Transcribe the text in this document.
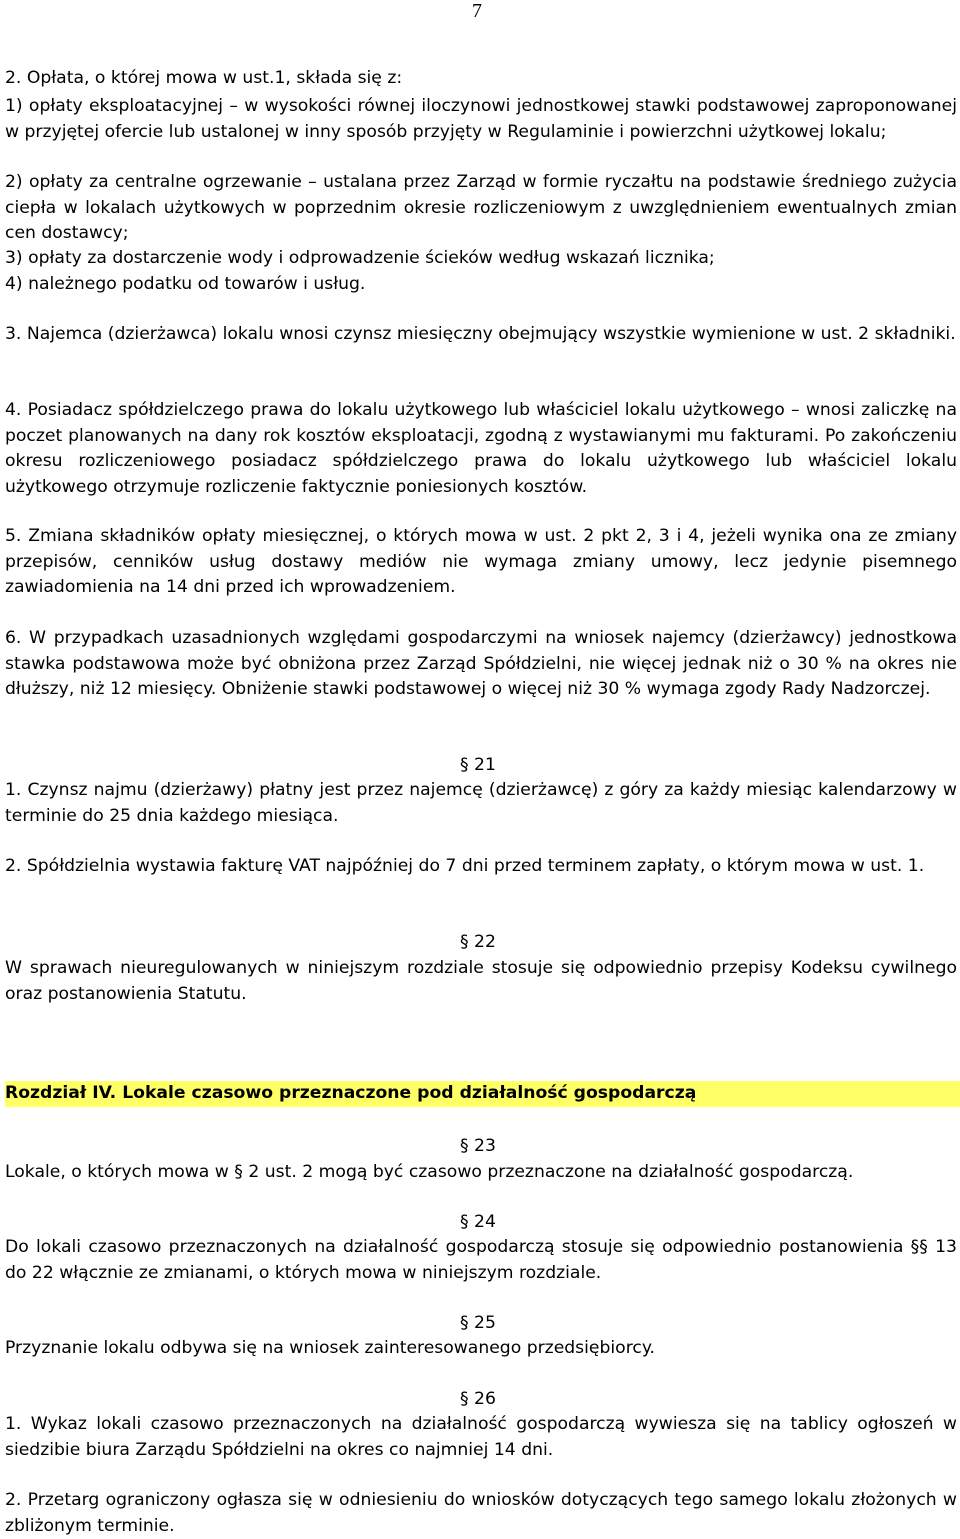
7

2. Opłata, o której mowa w ust.1, składa się z:

1) opłaty eksploatacyjnej – w wysokości równej iloczynowi jednostkowej stawki podstawowej zaproponowanej w przyjętej ofercie lub ustalonej w inny sposób przyjęty w Regulaminie i powierzchni użytkowej lokalu;

2) opłaty za centralne ogrzewanie – ustalana przez Zarząd w formie ryczałtu na podstawie średniego zużycia ciepła w lokalach użytkowych w poprzednim okresie rozliczeniowym z uwzględnieniem ewentualnych zmian cen dostawcy;

3) opłaty za dostarczenie wody i odprowadzenie ścieków według wskazań licznika;

4) należnego podatku od towarów i usług.

3. Najemca (dzierżawca) lokalu wnosi czynsz miesięczny obejmujący wszystkie wymienione w ust. 2 składniki.

4. Posiadacz spółdzielczego prawa do lokalu użytkowego lub właściciel lokalu użytkowego – wnosi zaliczkę na poczet planowanych na dany rok kosztów eksploatacji, zgodną z wystawianymi mu fakturami. Po zakończeniu okresu rozliczeniowego posiadacz spółdzielczego prawa do lokalu użytkowego lub właściciel lokalu użytkowego otrzymuje rozliczenie faktycznie poniesionych kosztów.

5. Zmiana składników opłaty miesięcznej, o których mowa w ust. 2 pkt 2, 3 i 4, jeżeli wynika ona ze zmiany przepisów, cenników usług dostawy mediów nie wymaga zmiany umowy, lecz jedynie pisemnego zawiadomienia na 14 dni przed ich wprowadzeniem.

6. W przypadkach uzasadnionych względami gospodarczymi na wniosek najemcy (dzierżawcy) jednostkowa stawka podstawowa może być obniżona przez Zarząd Spółdzielni, nie więcej jednak niż o 30 % na okres nie dłuższy, niż 12 miesięcy. Obniżenie stawki podstawowej o więcej niż 30 % wymaga zgody Rady Nadzorczej.

§ 21

1. Czynsz najmu (dzierżawy) płatny jest przez najemcę (dzierżawcę) z góry za każdy miesiąc kalendarzowy w terminie do 25 dnia każdego miesiąca.

2. Spółdzielnia wystawia fakturę VAT najpóźniej do 7 dni przed terminem zapłaty, o którym mowa w ust. 1.

§ 22

W sprawach nieuregulowanych w niniejszym rozdziale stosuje się odpowiednio przepisy Kodeksu cywilnego oraz postanowienia Statutu.

Rozdział IV. Lokale czasowo przeznaczone pod działalność gospodarczą

§ 23

Lokale, o których mowa w § 2 ust. 2 mogą być czasowo przeznaczone na działalność gospodarczą.

§ 24

Do lokali czasowo przeznaczonych na działalność gospodarczą stosuje się odpowiednio postanowienia §§ 13 do 22 włącznie ze zmianami, o których mowa w niniejszym rozdziale.

§ 25

Przyznanie lokalu odbywa się na wniosek zainteresowanego przedsiębiorcy.

§ 26

1. Wykaz lokali czasowo przeznaczonych na działalność gospodarczą wywiesza się na tablicy ogłoszeń w siedzibie biura Zarządu Spółdzielni na okres co najmniej 14 dni.

2. Przetarg ograniczony ogłasza się w odniesieniu do wniosków dotyczących tego samego lokalu złożonych w zbliżonym terminie.
